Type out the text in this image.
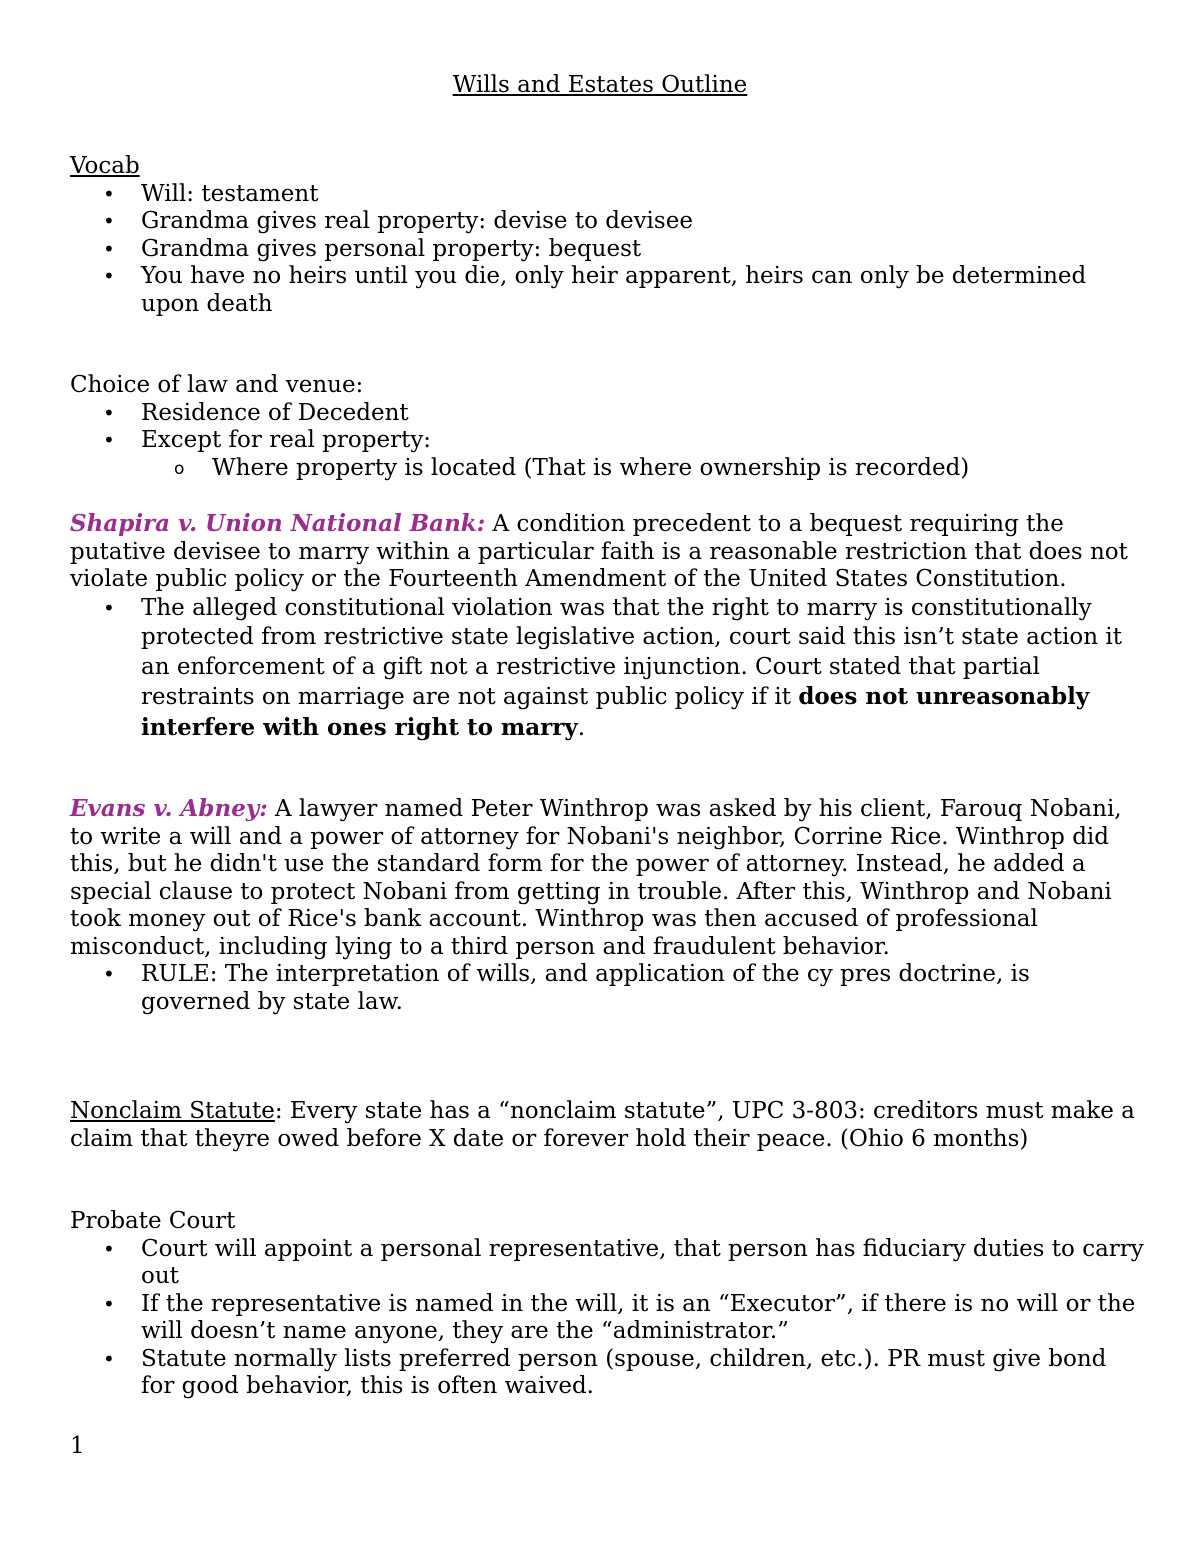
Wills and Estates Outline
Vocab
• Will: testament
• Grandma gives real property: devise to devisee
• Grandma gives personal property: bequest
• You have no heirs until you die, only heir apparent, heirs can only be determined upon death
Choice of law and venue:
• Residence of Decedent
• Except for real property:
o Where property is located (That is where ownership is recorded)
Shapira v. Union National Bank: A condition precedent to a bequest requiring the putative devisee to marry within a particular faith is a reasonable restriction that does not violate public policy or the Fourteenth Amendment of the United States Constitution.
• The alleged constitutional violation was that the right to marry is constitutionally protected from restrictive state legislative action, court said this isn’t state action it an enforcement of a gift not a restrictive injunction. Court stated that partial restraints on marriage are not against public policy if it does not unreasonably interfere with ones right to marry.
Evans v. Abney: A lawyer named Peter Winthrop was asked by his client, Farouq Nobani, to write a will and a power of attorney for Nobani's neighbor, Corrine Rice. Winthrop did this, but he didn't use the standard form for the power of attorney. Instead, he added a special clause to protect Nobani from getting in trouble. After this, Winthrop and Nobani took money out of Rice's bank account. Winthrop was then accused of professional misconduct, including lying to a third person and fraudulent behavior.
• RULE: The interpretation of wills, and application of the cy pres doctrine, is governed by state law.
Nonclaim Statute: Every state has a “nonclaim statute”, UPC 3-803: creditors must make a claim that theyre owed before X date or forever hold their peace. (Ohio 6 months)
Probate Court
• Court will appoint a personal representative, that person has fiduciary duties to carry out
• If the representative is named in the will, it is an “Executor”, if there is no will or the will doesn’t name anyone, they are the “administrator.”
• Statute normally lists preferred person (spouse, children, etc.). PR must give bond for good behavior, this is often waived.
1
